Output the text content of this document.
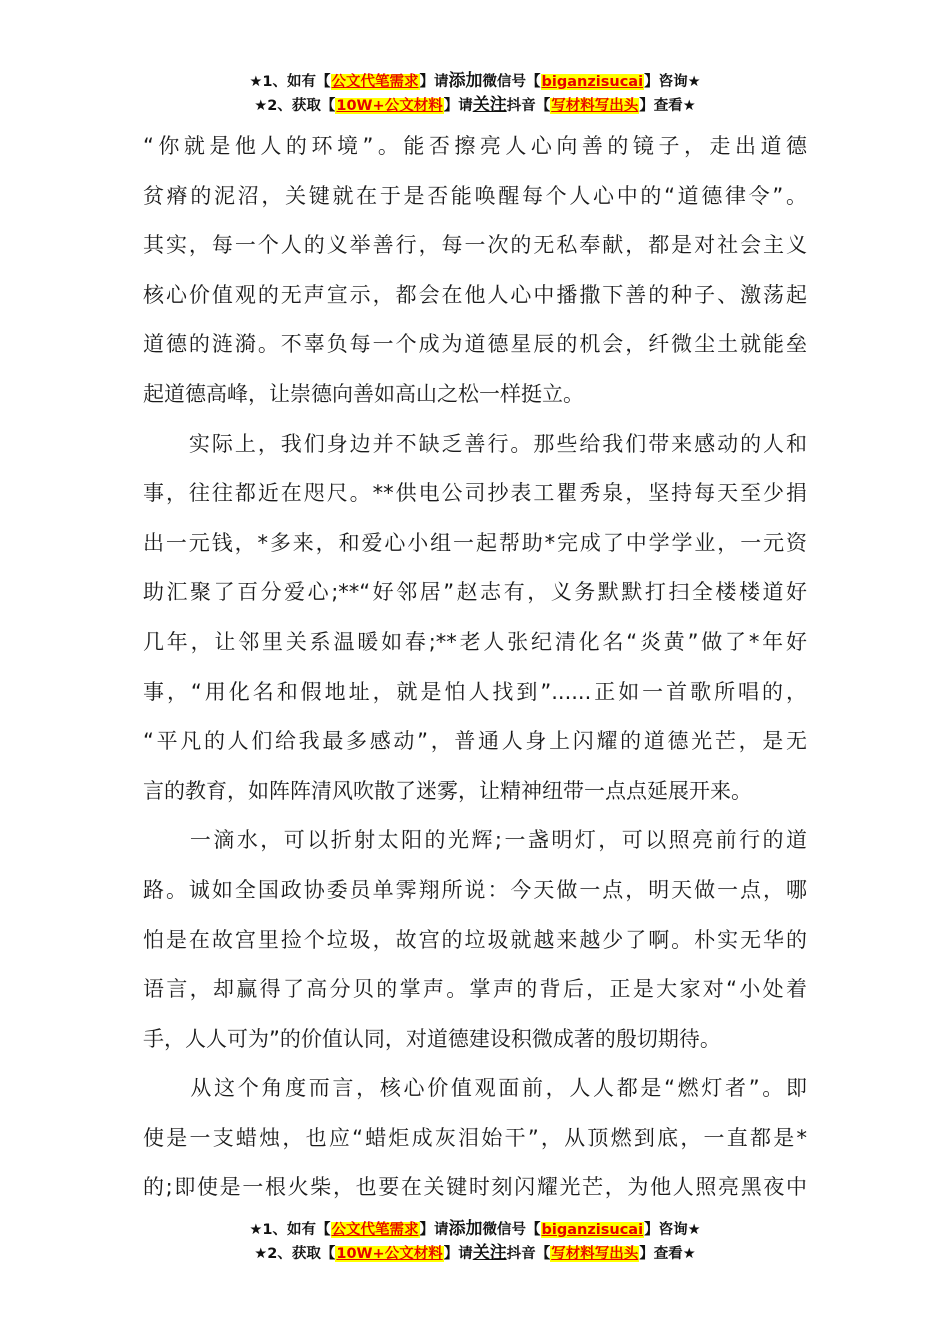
★1、如有【公文代笔需求】请添加微信号【biganzisucai】咨询★
★2、获取【10W+公文材料】请关注抖音【写材料写出头】查看★
“你就是他人的环境”。能否擦亮人心向善的镜子，走出道德
贫瘠的泥沼，关键就在于是否能唤醒每个人心中的“道德律令”。
其实，每一个人的义举善行，每一次的无私奉献，都是对社会主义
核心价值观的无声宣示，都会在他人心中播撒下善的种子、激荡起
道德的涟漪。不辜负每一个成为道德星辰的机会，纤微尘土就能垒
起道德高峰，让崇德向善如高山之松一样挺立。
　　实际上，我们身边并不缺乏善行。那些给我们带来感动的人和
事，往往都近在咫尺。**供电公司抄表工瞿秀泉，坚持每天至少捐
出一元钱，*多来，和爱心小组一起帮助*完成了中学学业，一元资
助汇聚了百分爱心;**“好邻居”赵志有，义务默默打扫全楼楼道好
几年，让邻里关系温暖如春;**老人张纪清化名“炎黄”做了*年好
事，“用化名和假地址，就是怕人找到”......正如一首歌所唱的，
“平凡的人们给我最多感动”，普通人身上闪耀的道德光芒，是无
言的教育，如阵阵清风吹散了迷雾，让精神纽带一点点延展开来。
　　一滴水，可以折射太阳的光辉;一盏明灯，可以照亮前行的道
路。诚如全国政协委员单霁翔所说：今天做一点，明天做一点，哪
怕是在故宫里捡个垃圾，故宫的垃圾就越来越少了啊。朴实无华的
语言，却赢得了高分贝的掌声。掌声的背后，正是大家对“小处着
手，人人可为”的价值认同，对道德建设积微成著的殷切期待。
　　从这个角度而言，核心价值观面前，人人都是“燃灯者”。即
使是一支蜡烛，也应“蜡炬成灰泪始干”，从顶燃到底，一直都是*
的;即使是一根火柴，也要在关键时刻闪耀光芒，为他人照亮黑夜中
★1、如有【公文代笔需求】请添加微信号【biganzisucai】咨询★
★2、获取【10W+公文材料】请关注抖音【写材料写出头】查看★
